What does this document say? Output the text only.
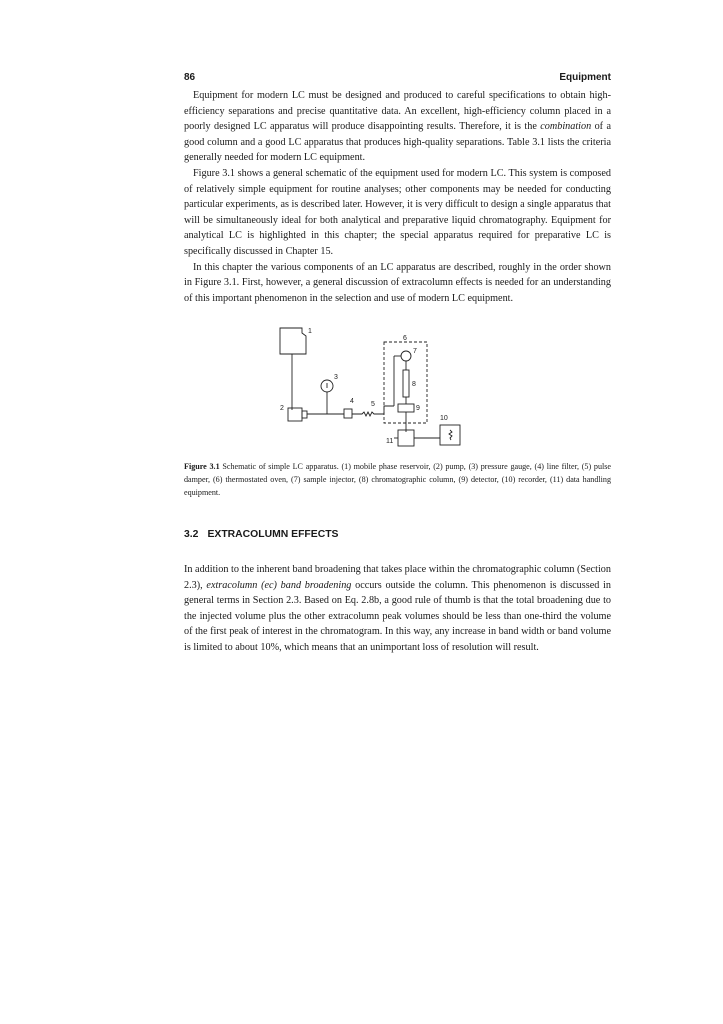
86	Equipment

Equipment for modern LC must be designed and produced to careful specifications to obtain high-efficiency separations and precise quantitative data. An excellent, high-efficiency column placed in a poorly designed LC apparatus will produce disappointing results. Therefore, it is the combination of a good column and a good LC apparatus that produces high-quality separations. Table 3.1 lists the criteria generally needed for modern LC equipment.

Figure 3.1 shows a general schematic of the equipment used for modern LC. This system is composed of relatively simple equipment for routine analyses; other components may be needed for conducting particular experiments, as is described later. However, it is very difficult to design a single apparatus that will be simultaneously ideal for both analytical and preparative liquid chromatography. Equipment for analytical LC is highlighted in this chapter; the special apparatus required for preparative LC is specifically discussed in Chapter 15.

In this chapter the various components of an LC apparatus are described, roughly in the order shown in Figure 3.1. First, however, a general discussion of extracolumn effects is needed for an understanding of this important phenomenon in the selection and use of modern LC equipment.

1
2
3
4 5
6
7
8
9
10
11
Figure 3.1 Schematic of simple LC apparatus. (1) mobile phase reservoir, (2) pump, (3) pressure gauge, (4) line filter, (5) pulse damper, (6) thermostated oven, (7) sample injector, (8) chromatographic column, (9) detector, (10) recorder, (11) data handling equipment.
3.2 EXTRACOLUMN EFFECTS

In addition to the inherent band broadening that takes place within the chromatographic column (Section 2.3), extracolumn (ec) band broadening occurs outside the column. This phenomenon is discussed in general terms in Section 2.3. Based on Eq. 2.8b, a good rule of thumb is that the total broadening due to the injected volume plus the other extracolumn peak volumes should be less than one-third the volume of the first peak of interest in the chromatogram. In this way, any increase in band width or band volume is limited to about 10%, which means that an unimportant loss of resolution will result.
